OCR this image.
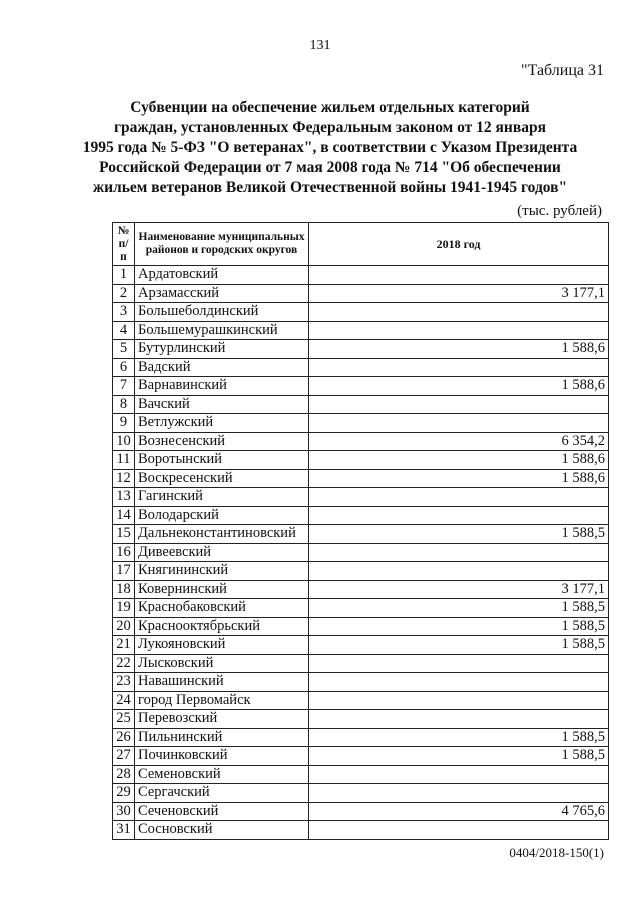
131
"Таблица 31
Субвенции на обеспечение жильем отдельных категорий
граждан, установленных Федеральным законом от 12 января
1995 года № 5-ФЗ "О ветеранах", в соответствии с Указом Президента
Российской Федерации от 7 мая 2008 года № 714 "Об обеспечении
жильем ветеранов Великой Отечественной войны 1941-1945 годов"
(тыс. рублей)
№ п/п	Наименование муниципальных районов и городских округов	2018 год
1	Ардатовский	
2	Арзамасский	3 177,1
3	Большеболдинский	
4	Большемурашкинский	
5	Бутурлинский	1 588,6
6	Вадский	
7	Варнавинский	1 588,6
8	Вачский	
9	Ветлужский	
10	Вознесенский	6 354,2
11	Воротынский	1 588,6
12	Воскресенский	1 588,6
13	Гагинский	
14	Володарский	
15	Дальнеконстантиновский	1 588,5
16	Дивеевский	
17	Княгининский	
18	Ковернинский	3 177,1
19	Краснобаковский	1 588,5
20	Краснооктябрьский	1 588,5
21	Лукояновский	1 588,5
22	Лысковский	
23	Навашинский	
24	город Первомайск	
25	Перевозский	
26	Пильнинский	1 588,5
27	Починковский	1 588,5
28	Семеновский	
29	Сергачский	
30	Сеченовский	4 765,6
31	Сосновский	
0404/2018-150(1)
